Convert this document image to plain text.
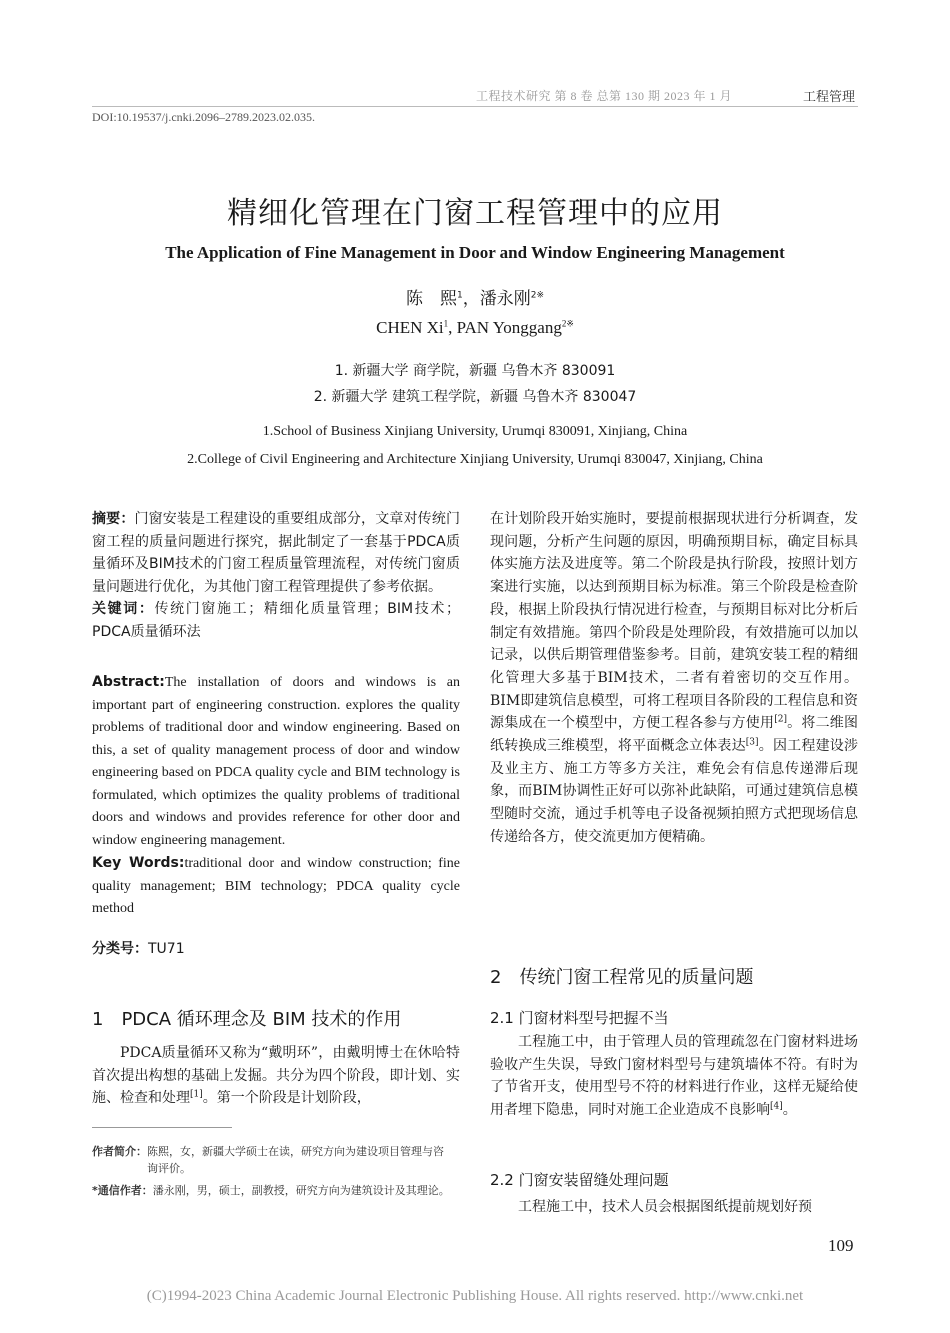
工程技术研究 第 8 卷 总第 130 期 2023 年 1 月	工程管理
DOI:10.19537/j.cnki.2096–2789.2023.02.035.
精细化管理在门窗工程管理中的应用
The Application of Fine Management in Door and Window Engineering Management
陈　熙$^1$，潘永刚$^{2※}$
CHEN Xi$^1$, PAN Yonggang$^{2※}$
1. 新疆大学 商学院，新疆 乌鲁木齐 830091
2. 新疆大学 建筑工程学院，新疆 乌鲁木齐 830047
1.School of Business Xinjiang University, Urumqi 830091, Xinjiang, China
2.College of Civil Engineering and Architecture Xinjiang University, Urumqi 830047, Xinjiang, China
摘要：门窗安装是工程建设的重要组成部分，文章对传统门窗工程的质量问题进行探究，据此制定了一套基于PDCA质量循环及BIM技术的门窗工程质量管理流程，对传统门窗质量问题进行优化，为其他门窗工程管理提供了参考依据。
关键词：传统门窗施工；精细化质量管理；BIM技术；PDCA质量循环法
Abstract:The installation of doors and windows is an important part of engineering construction. explores the quality problems of traditional door and window engineering. Based on this, a set of quality management process of door and window engineering based on PDCA quality cycle and BIM technology is formulated, which optimizes the quality problems of traditional doors and windows and provides reference for other door and window engineering management.
Key Words:traditional door and window construction; fine quality management; BIM technology; PDCA quality cycle method
分类号：TU71
1　PDCA 循环理念及 BIM 技术的作用
PDCA质量循环又称为“戴明环”，由戴明博士在休哈特首次提出构想的基础上发掘。共分为四个阶段，即计划、实施、检查和处理[1]。第一个阶段是计划阶段，
作者简介：陈熙，女，新疆大学硕士在读，研究方向为建设项目管理与咨询评价。
*通信作者：潘永刚，男，硕士，副教授，研究方向为建筑设计及其理论。
在计划阶段开始实施时，要提前根据现状进行分析调查，发现问题，分析产生问题的原因，明确预期目标，确定目标具体实施方法及进度等。第二个阶段是执行阶段，按照计划方案进行实施，以达到预期目标为标准。第三个阶段是检查阶段，根据上阶段执行情况进行检查，与预期目标对比分析后制定有效措施。第四个阶段是处理阶段，有效措施可以加以记录，以供后期管理借鉴参考。目前，建筑安装工程的精细化管理大多基于BIM技术，二者有着密切的交互作用。BIM即建筑信息模型，可将工程项目各阶段的工程信息和资源集成在一个模型中，方便工程各参与方使用[2]。将二维图纸转换成三维模型，将平面概念立体表达[3]。因工程建设涉及业主方、施工方等多方关注，难免会有信息传递滞后现象，而BIM协调性正好可以弥补此缺陷，可通过建筑信息模型随时交流，通过手机等电子设备视频拍照方式把现场信息传递给各方，使交流更加方便精确。
2　传统门窗工程常见的质量问题
2.1 门窗材料型号把握不当
工程施工中，由于管理人员的管理疏忽在门窗材料进场验收产生失误，导致门窗材料型号与建筑墙体不符。有时为了节省开支，使用型号不符的材料进行作业，这样无疑给使用者埋下隐患，同时对施工企业造成不良影响[4]。
2.2 门窗安装留缝处理问题
工程施工中，技术人员会根据图纸提前规划好预
109
(C)1994-2023 China Academic Journal Electronic Publishing House. All rights reserved. http://www.cnki.net
